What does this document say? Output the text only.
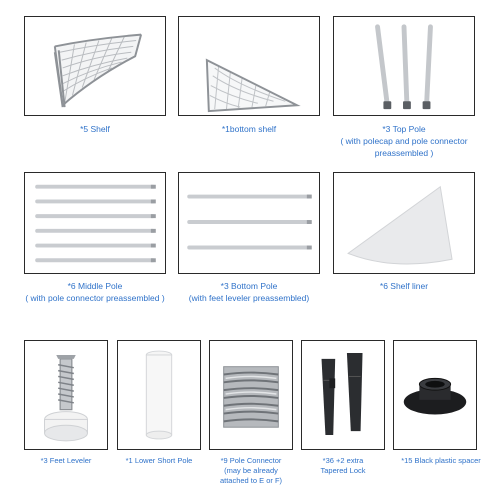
*5 Shelf	*1bottom shelf	*3 Top Pole
( with polecap and pole connector
preassembled )
*6 Middle Pole
( with pole connector preassembled )
*3 Bottom Pole
(with feet leveler preassembled)
*6 Shelf liner
*3 Feet Leveler	*1 Lower Short Pole	*9 Pole Connector
(may be already
attached to E or F)
*36 +2 extra
Tapered Lock
*15 Black plastic spacer
